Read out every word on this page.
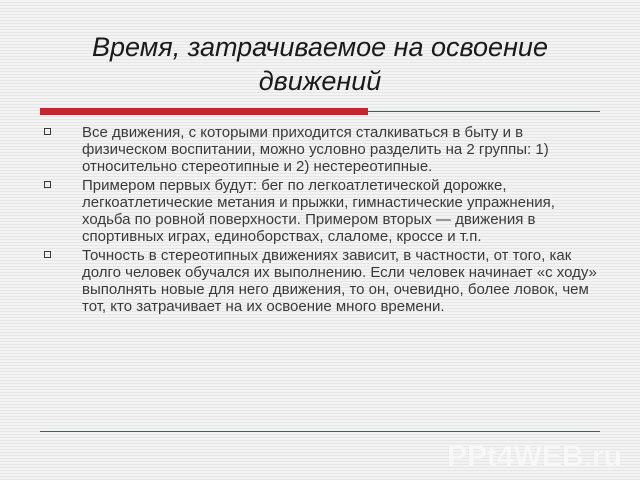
Время, затрачиваемое на освоение движений
Все движения, с которыми приходится сталкиваться в быту и в физическом воспитании, можно условно разделить на 2 группы: 1) относительно стереотипные и 2) нестереотипные.
Примером первых будут: бег по легкоатлетической дорожке, легкоатлетические метания и прыжки, гимнастические упражнения, ходьба по ровной поверхности. Примером вторых — движения в спортивных играх, единоборствах, слаломе, кроссе и т.п.
Точность в стереотипных движениях зависит, в частности, от того, как долго человек обучался их выполнению. Если человек начинает «с ходу» выполнять новые для него движения, то он, очевидно, более ловок, чем тот, кто затрачивает на их освоение много времени.
PPt4WEB.ru
